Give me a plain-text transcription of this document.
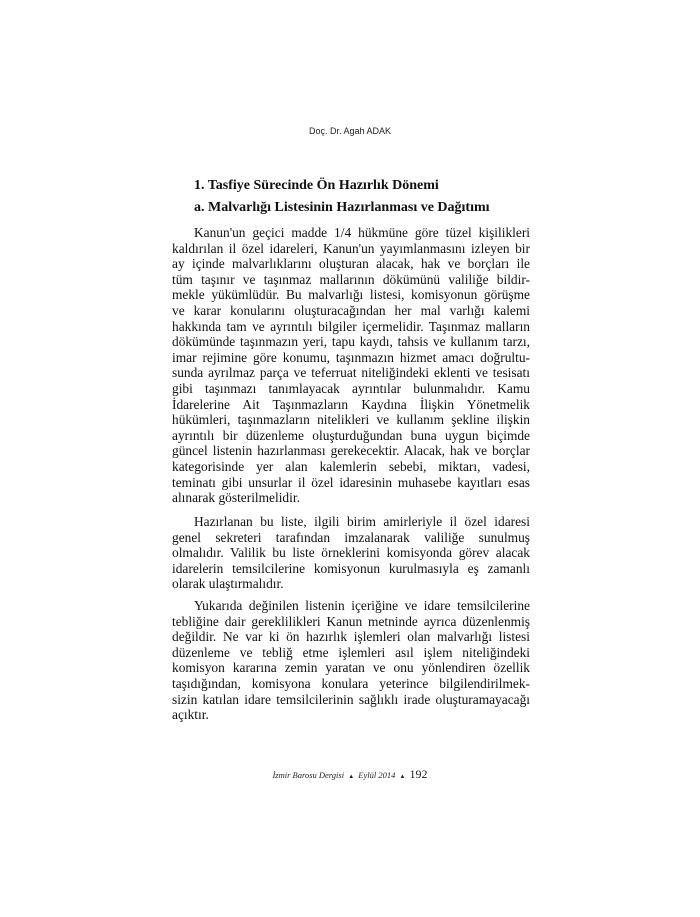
Doç. Dr. Agah ADAK
1. Tasfiye Sürecinde Ön Hazırlık Dönemi
a. Malvarlığı Listesinin Hazırlanması ve Dağıtımı
Kanun'un geçici madde 1/4 hükmüne göre tüzel kişilikleri
kaldırılan il özel idareleri, Kanun'un yayımlanmasını izleyen bir
ay içinde malvarlıklarını oluşturan alacak, hak ve borçları ile
tüm taşınır ve taşınmaz mallarının dökümünü valiliğe bildir-
mekle yükümlüdür. Bu malvarlığı listesi, komisyonun görüşme
ve karar konularını oluşturacağından her mal varlığı kalemi
hakkında tam ve ayrıntılı bilgiler içermelidir. Taşınmaz malların
dökümünde taşınmazın yeri, tapu kaydı, tahsis ve kullanım tarzı,
imar rejimine göre konumu, taşınmazın hizmet amacı doğrultu-
sunda ayrılmaz parça ve teferruat niteliğindeki eklenti ve tesisatı
gibi taşınmazı tanımlayacak ayrıntılar bulunmalıdır. Kamu
İdarelerine Ait Taşınmazların Kaydına İlişkin Yönetmelik
hükümleri, taşınmazların nitelikleri ve kullanım şekline ilişkin
ayrıntılı bir düzenleme oluşturduğundan buna uygun biçimde
güncel listenin hazırlanması gerekecektir. Alacak, hak ve borçlar
kategorisinde yer alan kalemlerin sebebi, miktarı, vadesi,
teminatı gibi unsurlar il özel idaresinin muhasebe kayıtları esas
alınarak gösterilmelidir.
Hazırlanan bu liste, ilgili birim amirleriyle il özel idaresi
genel sekreteri tarafından imzalanarak valiliğe sunulmuş
olmalıdır. Valilik bu liste örneklerini komisyonda görev alacak
idarelerin temsilcilerine komisyonun kurulmasıyla eş zamanlı
olarak ulaştırmalıdır.
Yukarıda değinilen listenin içeriğine ve idare temsilcilerine
tebliğine dair gereklilikleri Kanun metninde ayrıca düzenlenmiş
değildir. Ne var ki ön hazırlık işlemleri olan malvarlığı listesi
düzenleme ve tebliğ etme işlemleri asıl işlem niteliğindeki
komisyon kararına zemin yaratan ve onu yönlendiren özellik
taşıdığından, komisyona konulara yeterince bilgilendirilmek-
sizin katılan idare temsilcilerinin sağlıklı irade oluşturamayacağı
açıktır.
İzmir Barosu Dergisi ▲ Eylül 2014 ▲ 192
